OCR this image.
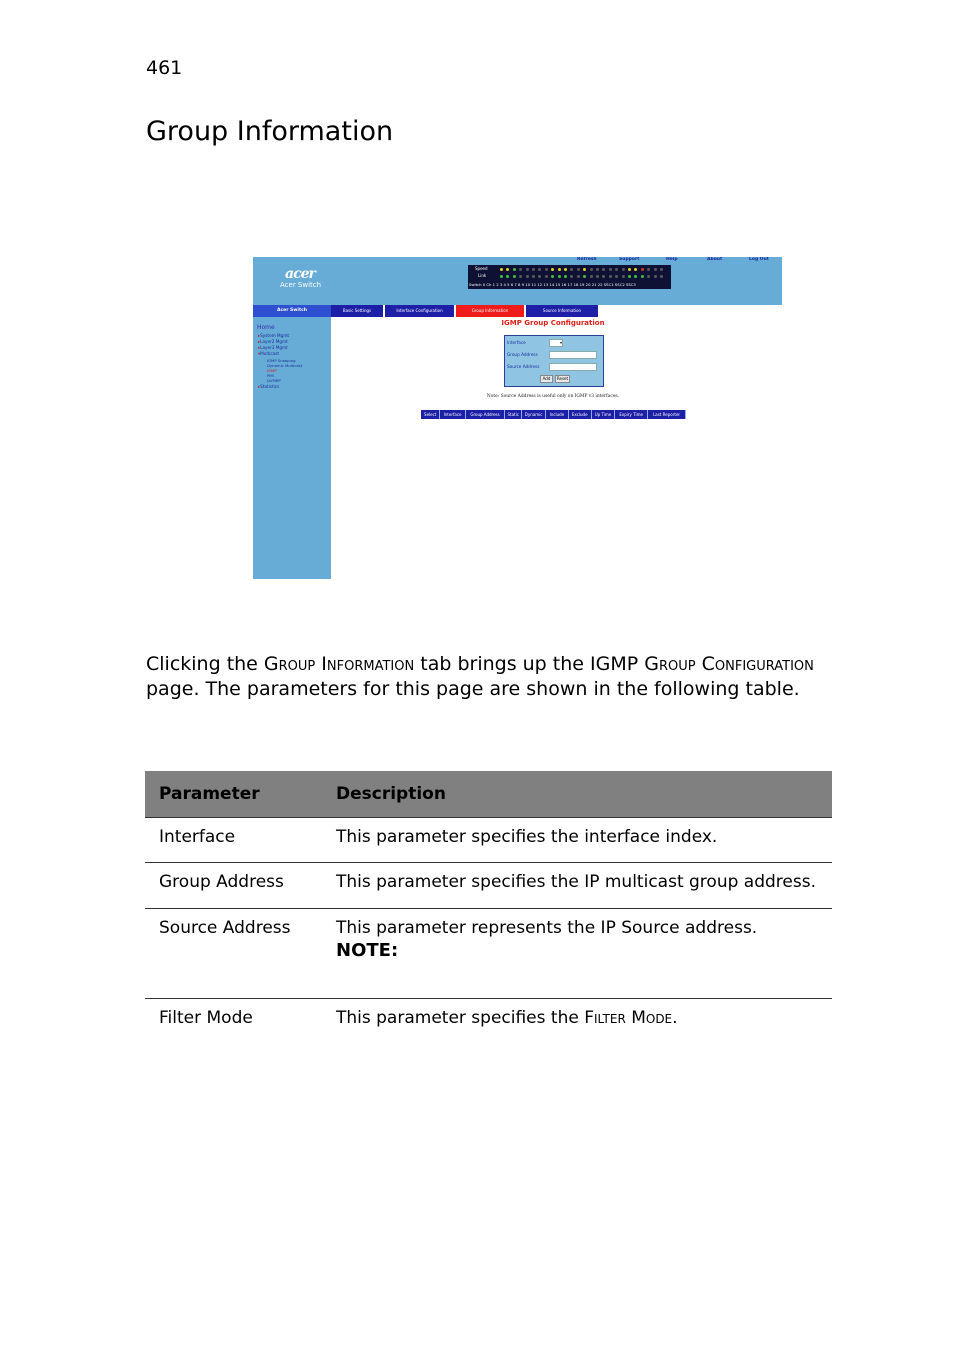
461
Group Information
acer
Acer Switch
Refresh	Support	Help	About	Log Out
Speed
Link
Switch 0 Ch 1 2 3 4 5 6 7 8 9 10 11 12 13 14 15 16 17 18 19 20 21 22 SSC1 SSC2 SSC3
Acer Switch
Home
▸System Mgmt
▸Layer2 Mgmt
▸Layer3 Mgmt
▾Multicast
IGMP Snooping
Dynamic Multicast
IGMP
PIM
DVMRP
▸Statistics
Basic Settings	Interface Configuration	Group Information	Source Information
IGMP Group Configuration
Interface	▾
Group Address
Source Address
Add	Reset
Note: Source Address is useful only on IGMP v3 interfaces.
Select	Interface	Group Address	Static	Dynamic	Include	Exclude	Up Time	Expiry Time	Last Reporter

Clicking the Group Information tab brings up the IGMP Group Configuration page. The parameters for this page are shown in the following table.

Parameter	Description
Interface	This parameter specifies the interface index.
Group Address	This parameter specifies the IP multicast group address.
Source Address	This parameter represents the IP Source address.
NOTE:

Filter Mode	This parameter specifies the Filter Mode.
